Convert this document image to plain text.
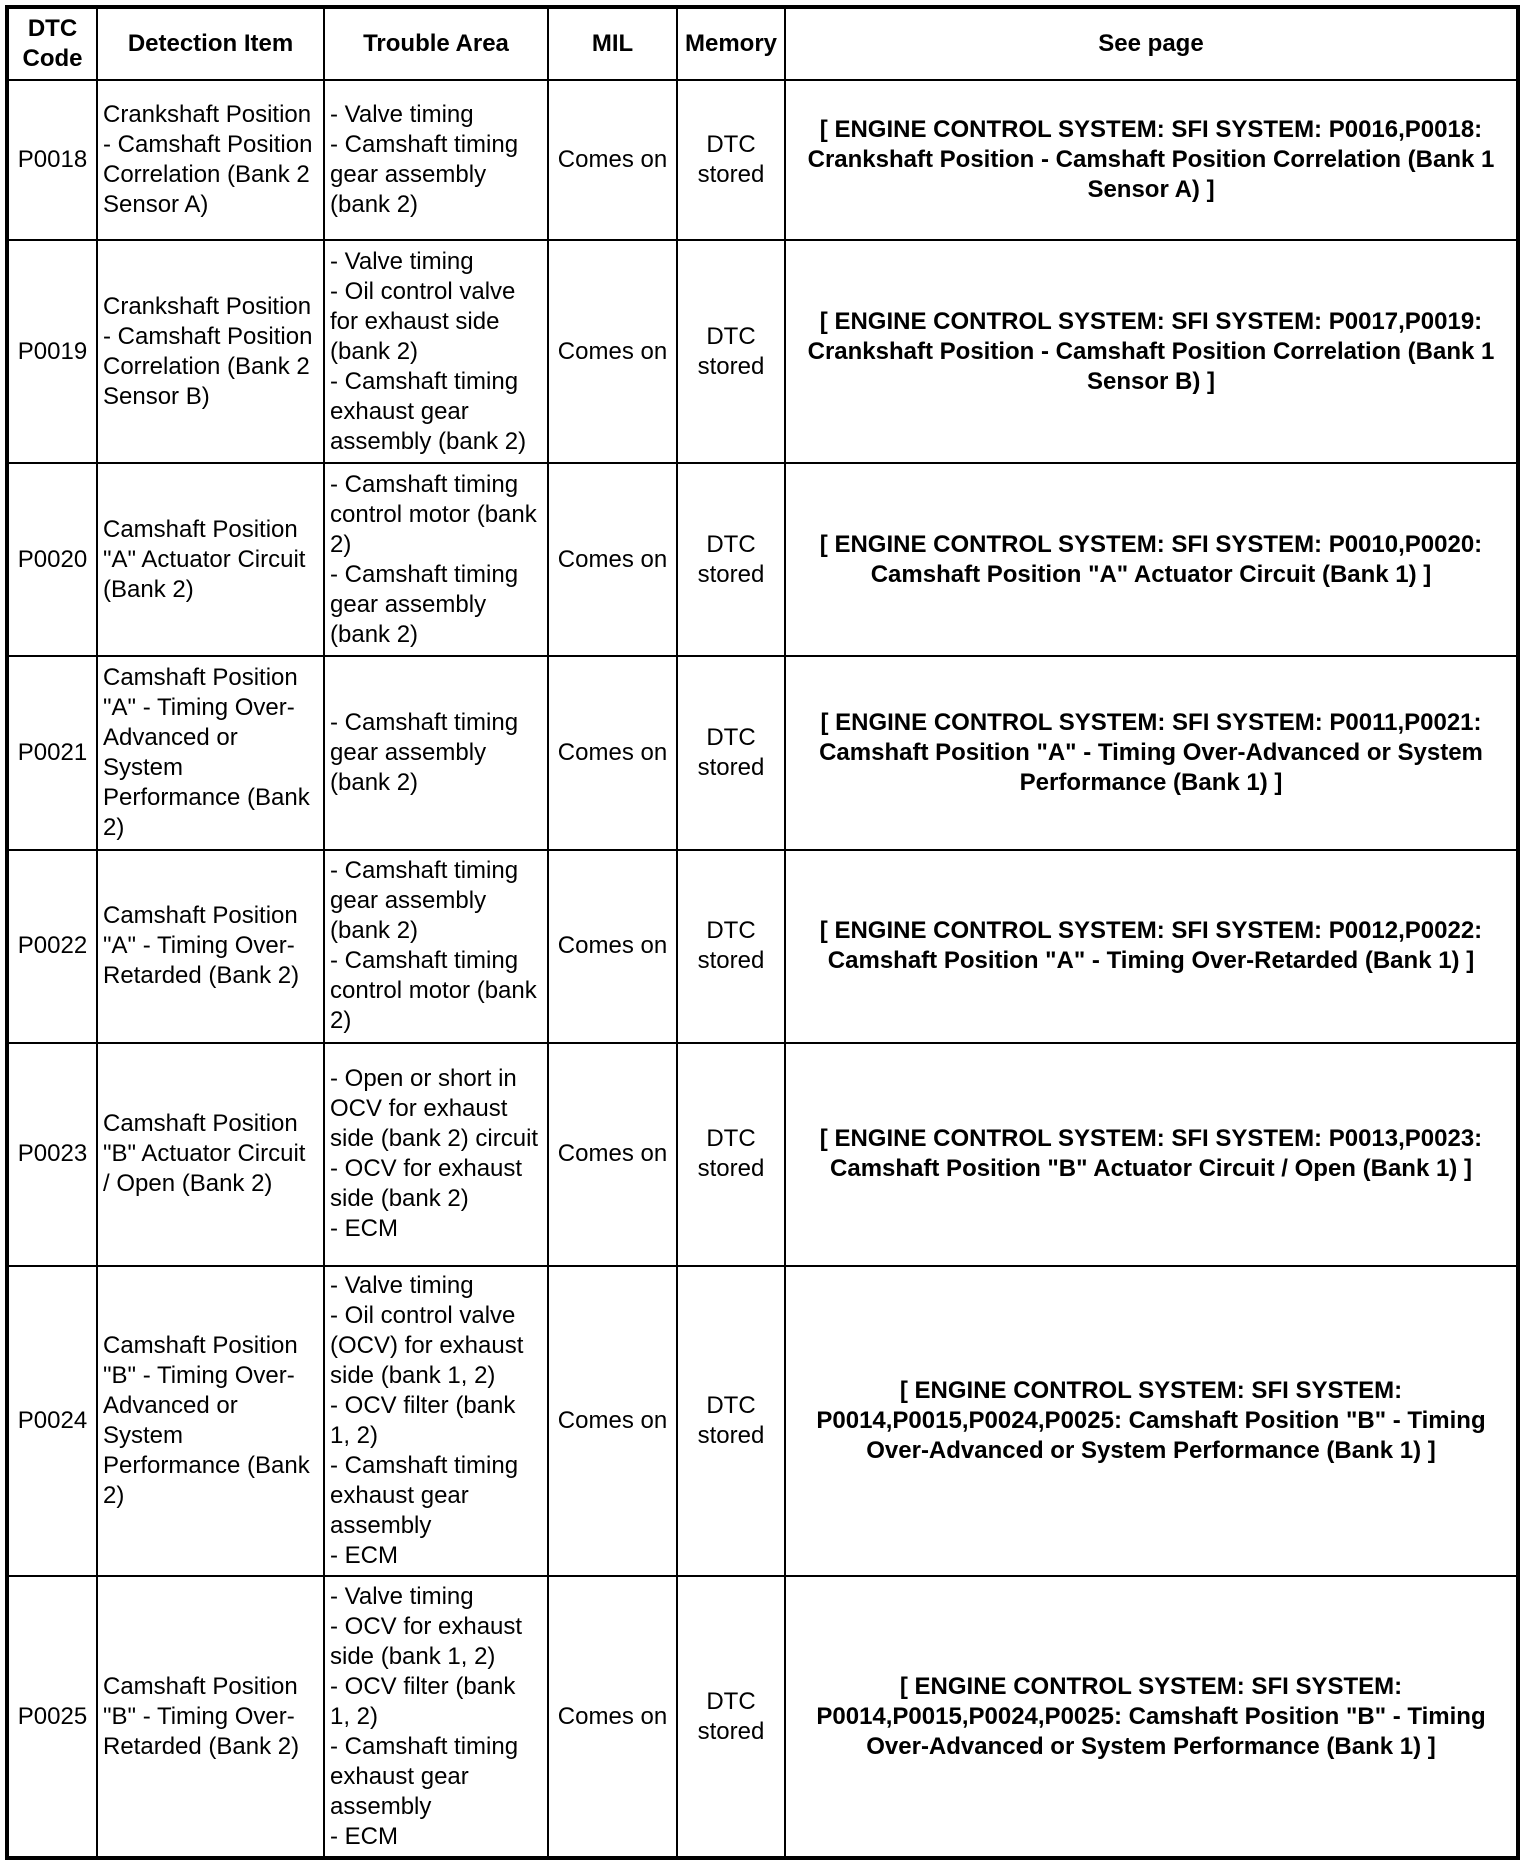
DTC Code	Detection Item	Trouble Area	MIL	Memory	See page
P0018	Crankshaft Position - Camshaft Position Correlation (Bank 2 Sensor A)	- Valve timing
- Camshaft timing gear assembly (bank 2)	Comes on	DTC stored	[ ENGINE CONTROL SYSTEM: SFI SYSTEM: P0016,P0018: Crankshaft Position - Camshaft Position Correlation (Bank 1 Sensor A) ]
P0019	Crankshaft Position - Camshaft Position Correlation (Bank 2 Sensor B)	- Valve timing
- Oil control valve for exhaust side (bank 2)
- Camshaft timing exhaust gear assembly (bank 2)	Comes on	DTC stored	[ ENGINE CONTROL SYSTEM: SFI SYSTEM: P0017,P0019: Crankshaft Position - Camshaft Position Correlation (Bank 1 Sensor B) ]
P0020	Camshaft Position "A" Actuator Circuit (Bank 2)	- Camshaft timing control motor (bank 2)
- Camshaft timing gear assembly (bank 2)	Comes on	DTC stored	[ ENGINE CONTROL SYSTEM: SFI SYSTEM: P0010,P0020: Camshaft Position "A" Actuator Circuit (Bank 1) ]
P0021	Camshaft Position "A" - Timing Over-Advanced or System Performance (Bank 2)	- Camshaft timing gear assembly (bank 2)	Comes on	DTC stored	[ ENGINE CONTROL SYSTEM: SFI SYSTEM: P0011,P0021: Camshaft Position "A" - Timing Over-Advanced or System Performance (Bank 1) ]
P0022	Camshaft Position "A" - Timing Over-Retarded (Bank 2)	- Camshaft timing gear assembly (bank 2)
- Camshaft timing control motor (bank 2)	Comes on	DTC stored	[ ENGINE CONTROL SYSTEM: SFI SYSTEM: P0012,P0022: Camshaft Position "A" - Timing Over-Retarded (Bank 1) ]
P0023	Camshaft Position "B" Actuator Circuit / Open (Bank 2)	- Open or short in OCV for exhaust side (bank 2) circuit
- OCV for exhaust side (bank 2)
- ECM	Comes on	DTC stored	[ ENGINE CONTROL SYSTEM: SFI SYSTEM: P0013,P0023: Camshaft Position "B" Actuator Circuit / Open (Bank 1) ]
P0024	Camshaft Position "B" - Timing Over-Advanced or System Performance (Bank 2)	- Valve timing
- Oil control valve (OCV) for exhaust side (bank 1, 2)
- OCV filter (bank 1, 2)
- Camshaft timing exhaust gear assembly
- ECM	Comes on	DTC stored	[ ENGINE CONTROL SYSTEM: SFI SYSTEM: P0014,P0015,P0024,P0025: Camshaft Position "B" - Timing Over-Advanced or System Performance (Bank 1) ]
P0025	Camshaft Position "B" - Timing Over-Retarded (Bank 2)	- Valve timing
- OCV for exhaust side (bank 1, 2)
- OCV filter (bank 1, 2)
- Camshaft timing exhaust gear assembly
- ECM	Comes on	DTC stored	[ ENGINE CONTROL SYSTEM: SFI SYSTEM: P0014,P0015,P0024,P0025: Camshaft Position "B" - Timing Over-Advanced or System Performance (Bank 1) ]
